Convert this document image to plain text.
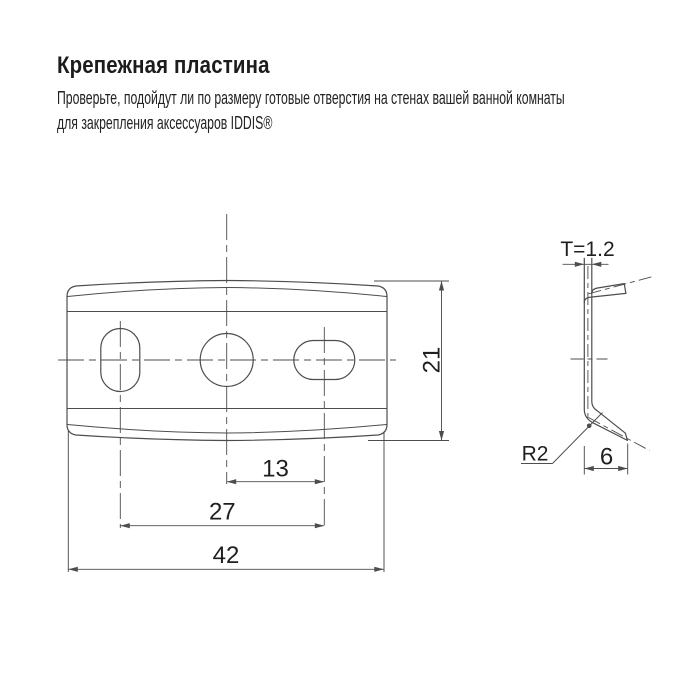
Крепежная пластина
Проверьте, подойдут ли по размеру готовые отверстия на стенах вашей ванной комнаты
для закрепления аксессуаров IDDIS®
21
13
27
42
T=1.2
R2 6
